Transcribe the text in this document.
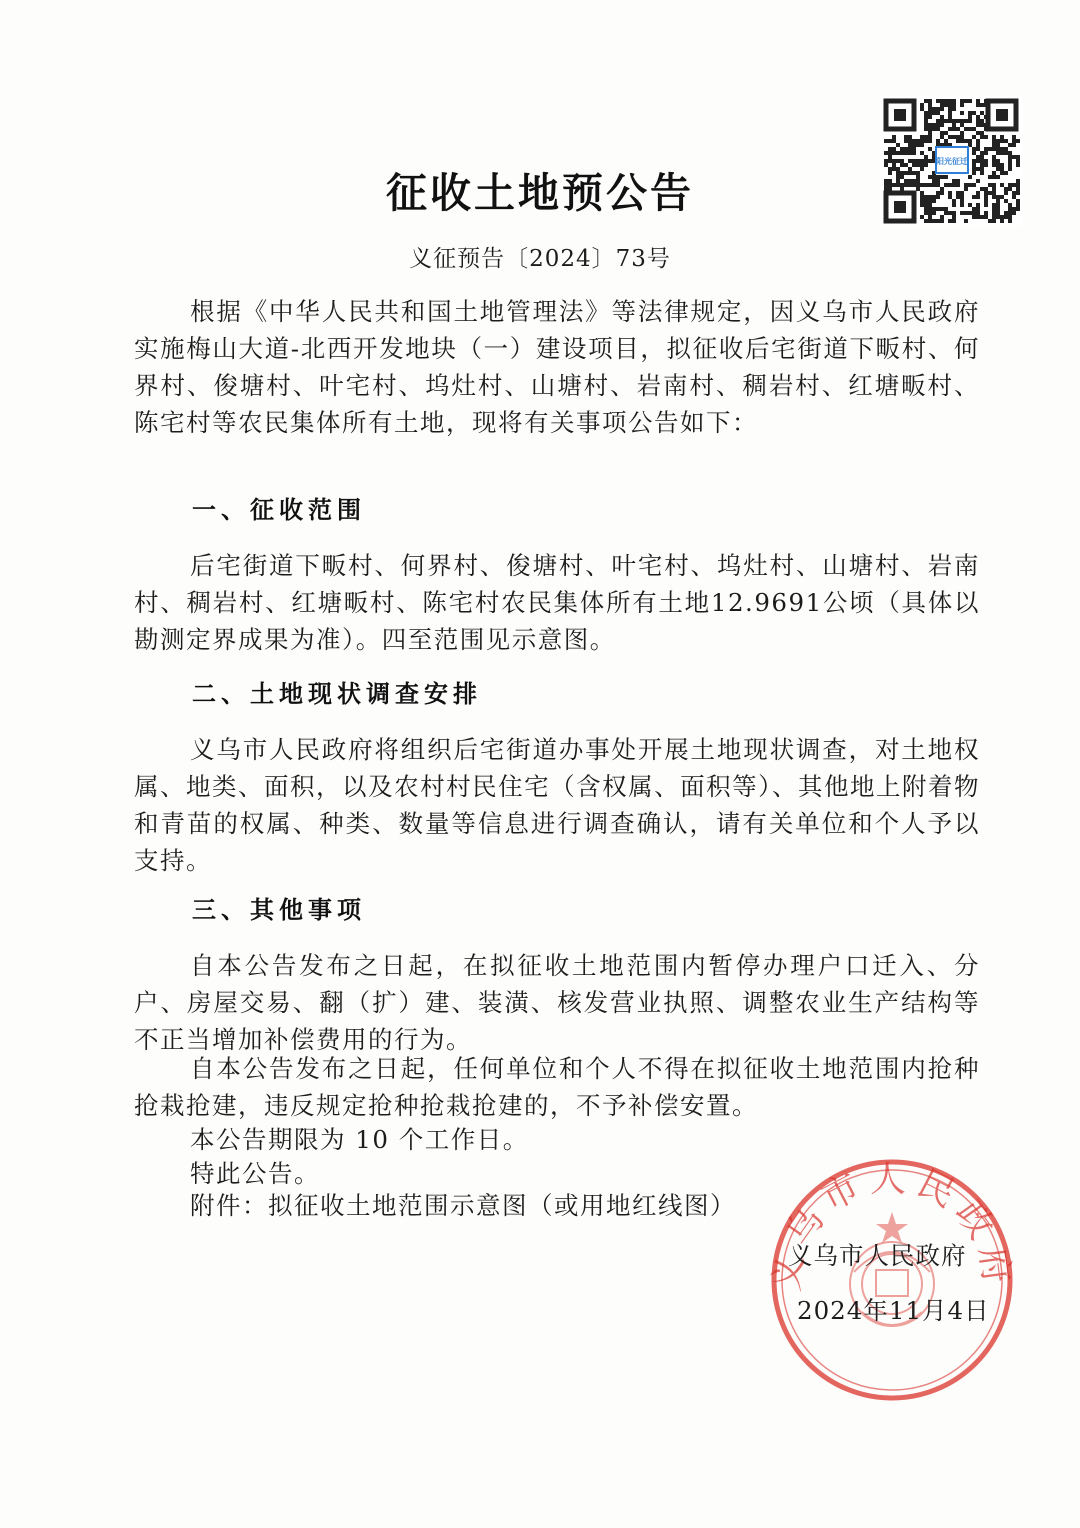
阳光征迁
征收土地预公告
义征预告〔2024〕73号

根据《中华人民共和国土地管理法》等法律规定，因义乌市人民政府实施梅山大道-北西开发地块（一）建设项目，拟征收后宅街道下畈村、何界村、俊塘村、叶宅村、坞灶村、山塘村、岩南村、稠岩村、红塘畈村、陈宅村等农民集体所有土地，现将有关事项公告如下：

一、征收范围

后宅街道下畈村、何界村、俊塘村、叶宅村、坞灶村、山塘村、岩南村、稠岩村、红塘畈村、陈宅村农民集体所有土地12.9691公顷（具体以勘测定界成果为准）。四至范围见示意图。

二、土地现状调查安排

义乌市人民政府将组织后宅街道办事处开展土地现状调查，对土地权属、地类、面积，以及农村村民住宅（含权属、面积等）、其他地上附着物和青苗的权属、种类、数量等信息进行调查确认，请有关单位和个人予以支持。

三、其他事项

自本公告发布之日起，在拟征收土地范围内暂停办理户口迁入、分户、房屋交易、翻（扩）建、装潢、核发营业执照、调整农业生产结构等不正当增加补偿费用的行为。

自本公告发布之日起，任何单位和个人不得在拟征收土地范围内抢种抢栽抢建，违反规定抢种抢栽抢建的，不予补偿安置。

本公告期限为 10 个工作日。
特此公告。
附件：拟征收土地范围示意图（或用地红线图）
义乌市人民政府
义乌市人民政府
2024年11月4日
